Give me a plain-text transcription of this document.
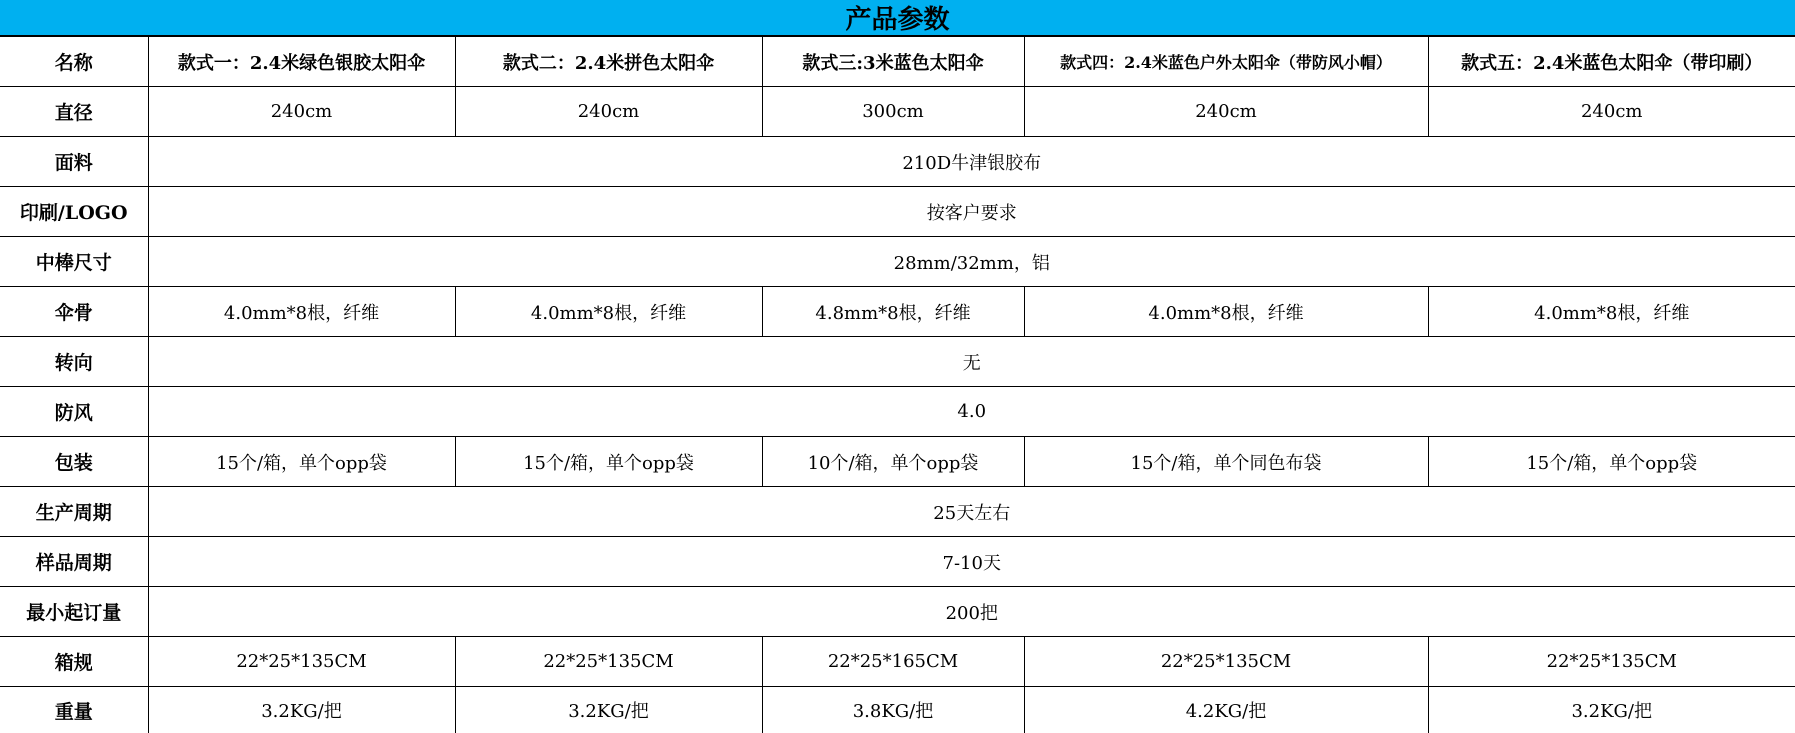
产品参数
名称	款式一：2.4米绿色银胶太阳伞	款式二：2.4米拼色太阳伞	款式三:3米蓝色太阳伞	款式四：2.4米蓝色户外太阳伞（带防风小帽）	款式五：2.4米蓝色太阳伞（带印刷）
直径	240cm	240cm	300cm	240cm	240cm
面料	210D牛津银胶布				
印刷/LOGO	按客户要求				
中棒尺寸	28mm/32mm，铝				
伞骨	4.0mm*8根，纤维	4.0mm*8根，纤维	4.8mm*8根，纤维	4.0mm*8根，纤维	4.0mm*8根，纤维
转向	无				
防风	4.0				
包装	15个/箱，单个opp袋	15个/箱，单个opp袋	10个/箱，单个opp袋	15个/箱，单个同色布袋	15个/箱，单个opp袋
生产周期	25天左右				
样品周期	7-10天				
最小起订量	200把				
箱规	22*25*135CM	22*25*135CM	22*25*165CM	22*25*135CM	22*25*135CM
重量	3.2KG/把	3.2KG/把	3.8KG/把	4.2KG/把	3.2KG/把
